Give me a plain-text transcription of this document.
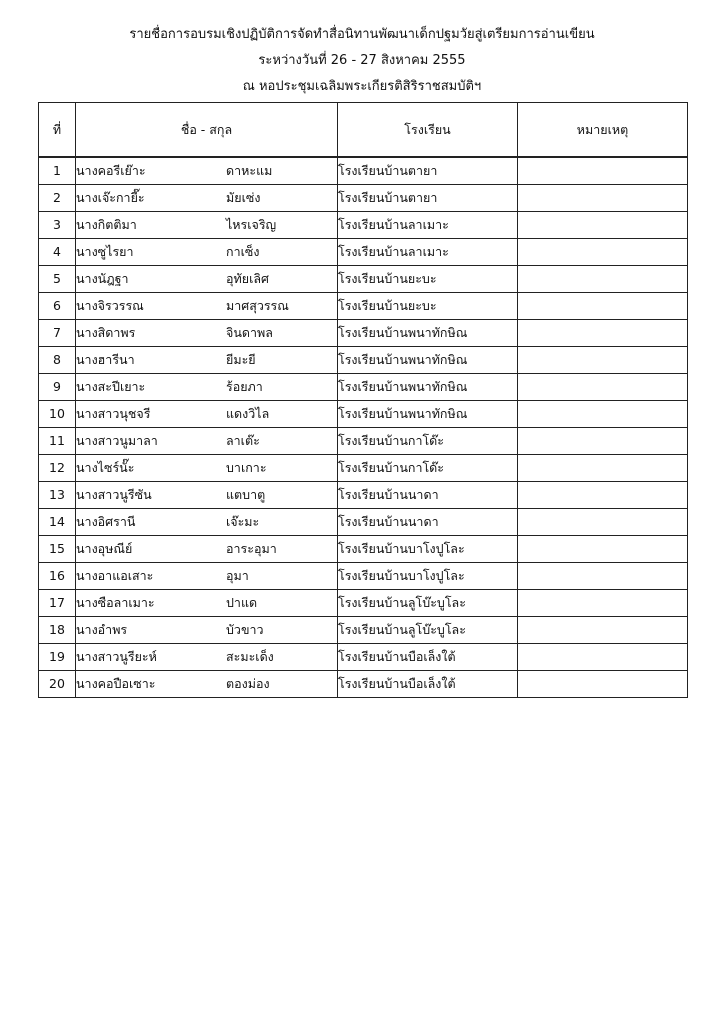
รายชื่อการอบรมเชิงปฏิบัติการจัดทำสื่อนิทานพัฒนาเด็กปฐมวัยสู่เตรียมการอ่านเขียน
ระหว่างวันที่ 26 - 27 สิงหาคม 2555
ณ หอประชุมเฉลิมพระเกียรติสิริราชสมบัติฯ
ที่	ชื่อ - สกุล	โรงเรียน	หมายเหตุ
1	นางคอรีเย๊าะ ดาหะแม	โรงเรียนบ้านตายา	
2	นางเจ๊ะกายี๊ะ มัยเซ่ง	โรงเรียนบ้านตายา	
3	นางกิตติมา ไหรเจริญ	โรงเรียนบ้านลาเมาะ	
4	นางซูไรยา กาเซ็ง	โรงเรียนบ้านลาเมาะ	
5	นางนัฎฐา อุทัยเลิศ	โรงเรียนบ้านยะบะ	
6	นางจิรวรรณ มาศสุวรรณ	โรงเรียนบ้านยะบะ	
7	นางสิดาพร จินดาพล	โรงเรียนบ้านพนาทักษิณ	
8	นางฮารีนา ยีมะยี	โรงเรียนบ้านพนาทักษิณ	
9	นางสะปีเยาะ ร้อยภา	โรงเรียนบ้านพนาทักษิณ	
10	นางสาวนุชจรี แดงวิไล	โรงเรียนบ้านพนาทักษิณ	
11	นางสาวนูมาลา ลาเต๊ะ	โรงเรียนบ้านกาโด๊ะ	
12	นางไซร์นั๊ะ บาเกาะ	โรงเรียนบ้านกาโด๊ะ	
13	นางสาวนูรีซัน แตบาตู	โรงเรียนบ้านนาดา	
14	นางอิศรานี เจ๊ะมะ	โรงเรียนบ้านนาดา	
15	นางอุษณีย์ อาระอุมา	โรงเรียนบ้านบาโงปูโละ	
16	นางอาแอเสาะ อุมา	โรงเรียนบ้านบาโงปูโละ	
17	นางซือลาเมาะ ปาแด	โรงเรียนบ้านลูโบ๊ะบูโละ	
18	นางอำพร บัวขาว	โรงเรียนบ้านลูโบ๊ะบูโละ	
19	นางสาวนูรียะห์ สะมะเด็ง	โรงเรียนบ้านบือเล็งใต้	
20	นางคอปือเซาะ ตองม่อง	โรงเรียนบ้านบือเล็งใต้	
